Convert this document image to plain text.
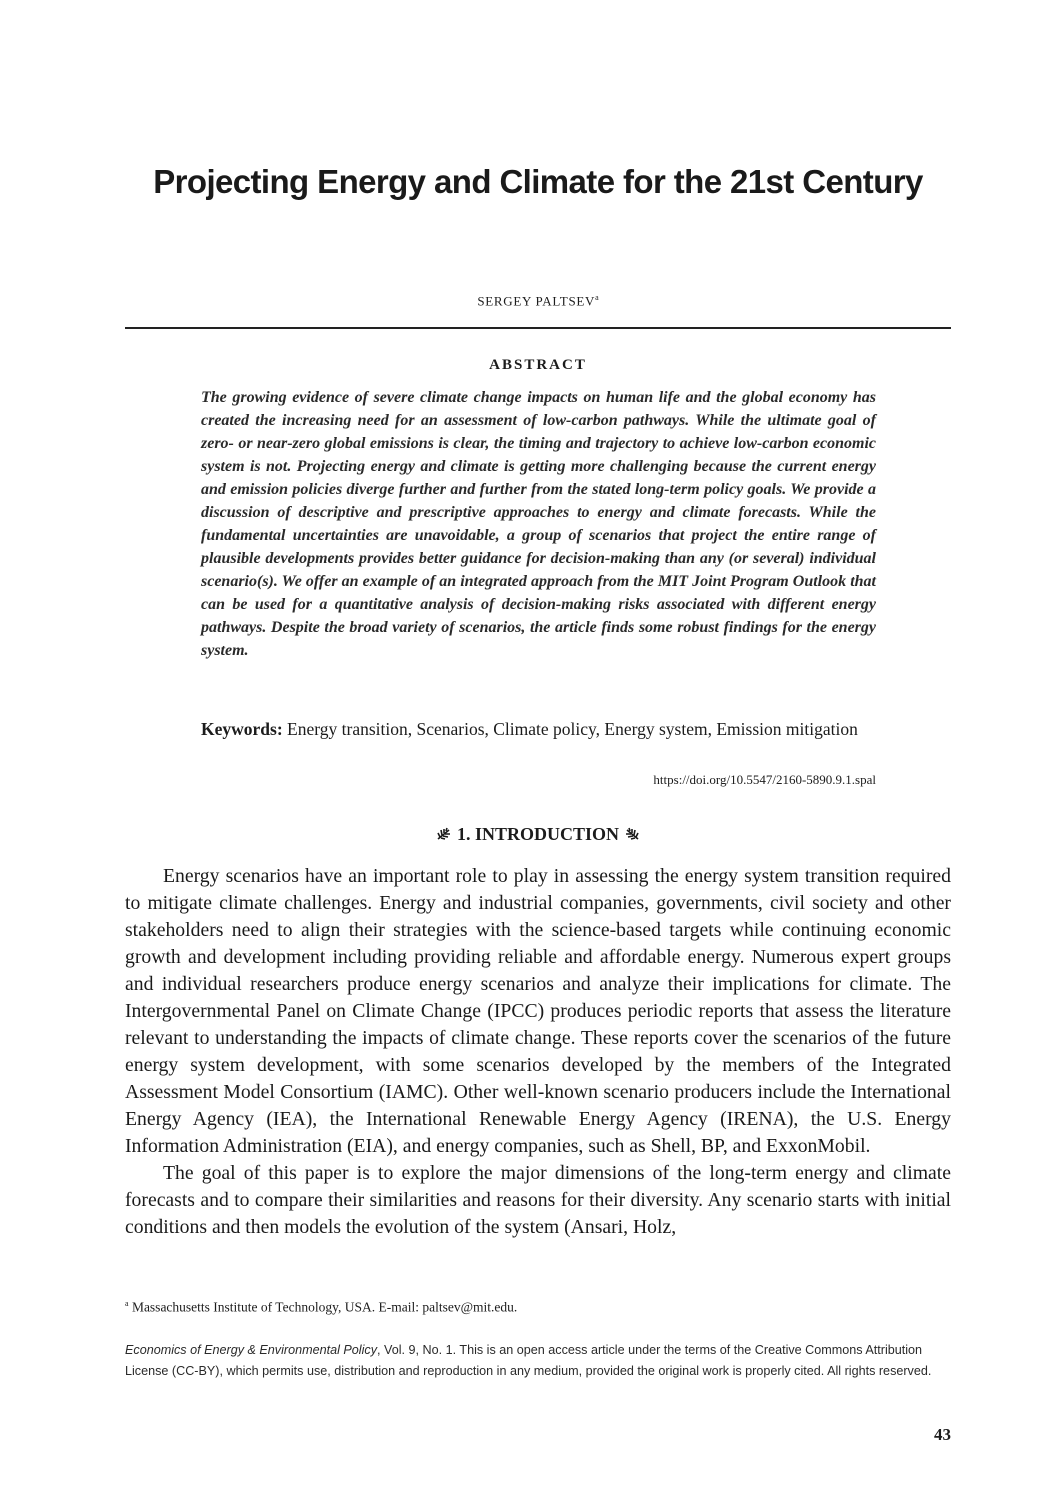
Projecting Energy and Climate for the 21st Century
SERGEY PALTSEV$^a$
ABSTRACT

The growing evidence of severe climate change impacts on human life and the global economy has created the increasing need for an assessment of low-carbon pathways. While the ultimate goal of zero- or near-zero global emissions is clear, the timing and trajectory to achieve low-carbon economic system is not. Projecting energy and climate is getting more challenging because the current energy and emission policies diverge further and further from the stated long-term policy goals. We provide a discussion of descriptive and prescriptive approaches to energy and climate forecasts. While the fundamental uncertainties are unavoidable, a group of scenarios that project the entire range of plausible developments provides better guidance for decision-making than any (or several) individual scenario(s). We offer an example of an integrated approach from the MIT Joint Program Outlook that can be used for a quantitative analysis of decision-making risks associated with different energy pathways. Despite the broad variety of scenarios, the article finds some robust findings for the energy system.

Keywords: Energy transition, Scenarios, Climate policy, Energy system, Emission mitigation

https://doi.org/10.5547/2160-5890.9.1.spal
1. INTRODUCTION

Energy scenarios have an important role to play in assessing the energy system transition required to mitigate climate challenges. Energy and industrial companies, governments, civil society and other stakeholders need to align their strategies with the science-based targets while continuing economic growth and development including providing reliable and affordable energy. Numerous expert groups and individual researchers produce energy scenarios and analyze their implications for climate. The Intergovernmental Panel on Climate Change (IPCC) produces periodic reports that assess the literature relevant to understanding the impacts of climate change. These reports cover the scenarios of the future energy system development, with some scenarios developed by the members of the Integrated Assessment Model Consortium (IAMC). Other well-known scenario producers include the International Energy Agency (IEA), the International Renewable Energy Agency (IRENA), the U.S. Energy Information Administration (EIA), and energy companies, such as Shell, BP, and ExxonMobil.

The goal of this paper is to explore the major dimensions of the long-term energy and climate forecasts and to compare their similarities and reasons for their diversity. Any scenario starts with initial conditions and then models the evolution of the system (Ansari, Holz,

$^a$ Massachusetts Institute of Technology, USA. E-mail: paltsev@mit.edu.

Economics of Energy & Environmental Policy, Vol. 9, No. 1. This is an open access article under the terms of the Creative Commons Attribution License (CC-BY), which permits use, distribution and reproduction in any medium, provided the original work is properly cited. All rights reserved.

43
